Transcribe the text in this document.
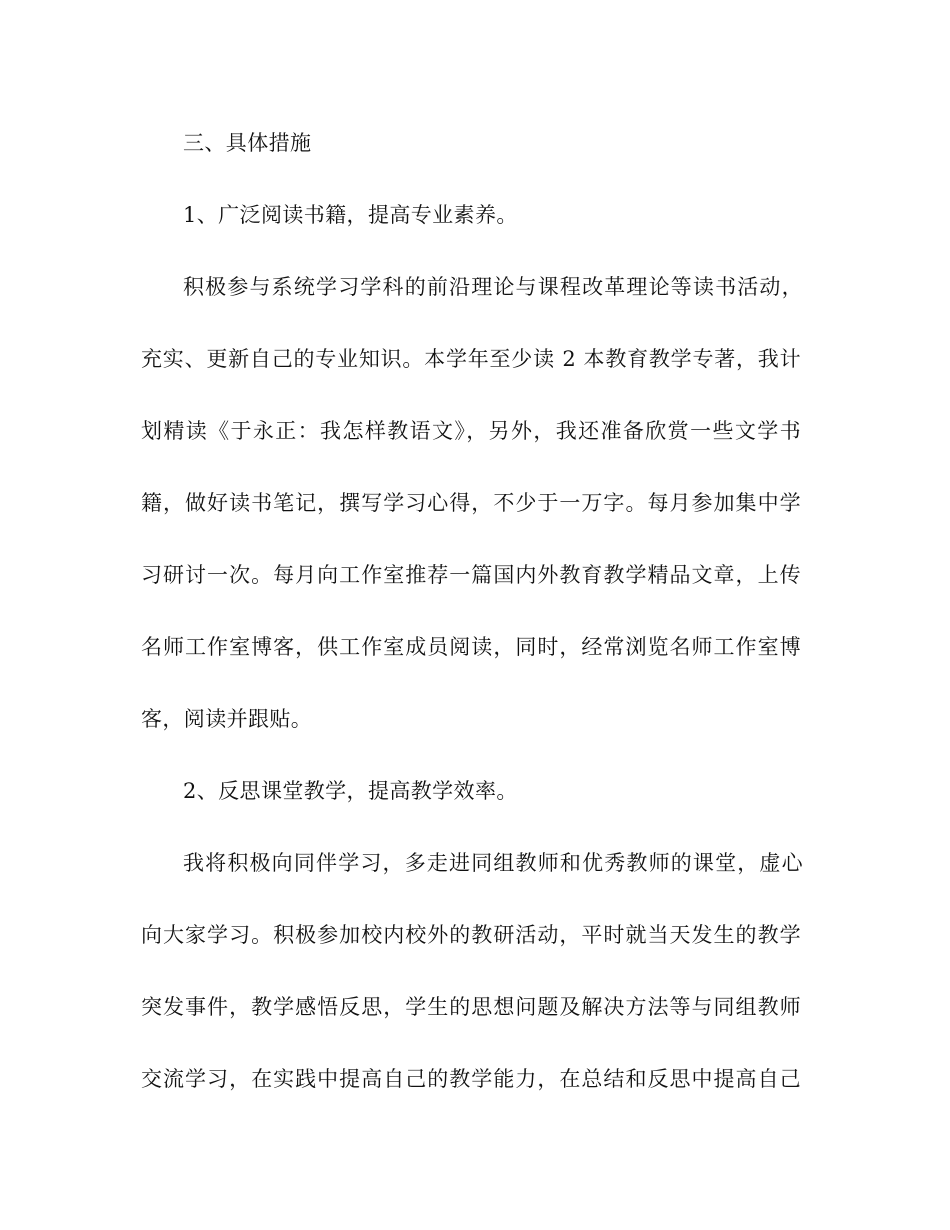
三、具体措施
1、广泛阅读书籍，提高专业素养。
积极参与系统学习学科的前沿理论与课程改革理论等读书活动，
充实、更新自己的专业知识。本学年至少读 2 本教育教学专著，我计
划精读《于永正：我怎样教语文》，另外，我还准备欣赏一些文学书
籍，做好读书笔记，撰写学习心得，不少于一万字。每月参加集中学
习研讨一次。每月向工作室推荐一篇国内外教育教学精品文章，上传
名师工作室博客，供工作室成员阅读，同时，经常浏览名师工作室博
客，阅读并跟贴。
2、反思课堂教学，提高教学效率。
我将积极向同伴学习，多走进同组教师和优秀教师的课堂，虚心
向大家学习。积极参加校内校外的教研活动，平时就当天发生的教学
突发事件，教学感悟反思，学生的思想问题及解决方法等与同组教师
交流学习，在实践中提高自己的教学能力，在总结和反思中提高自己
